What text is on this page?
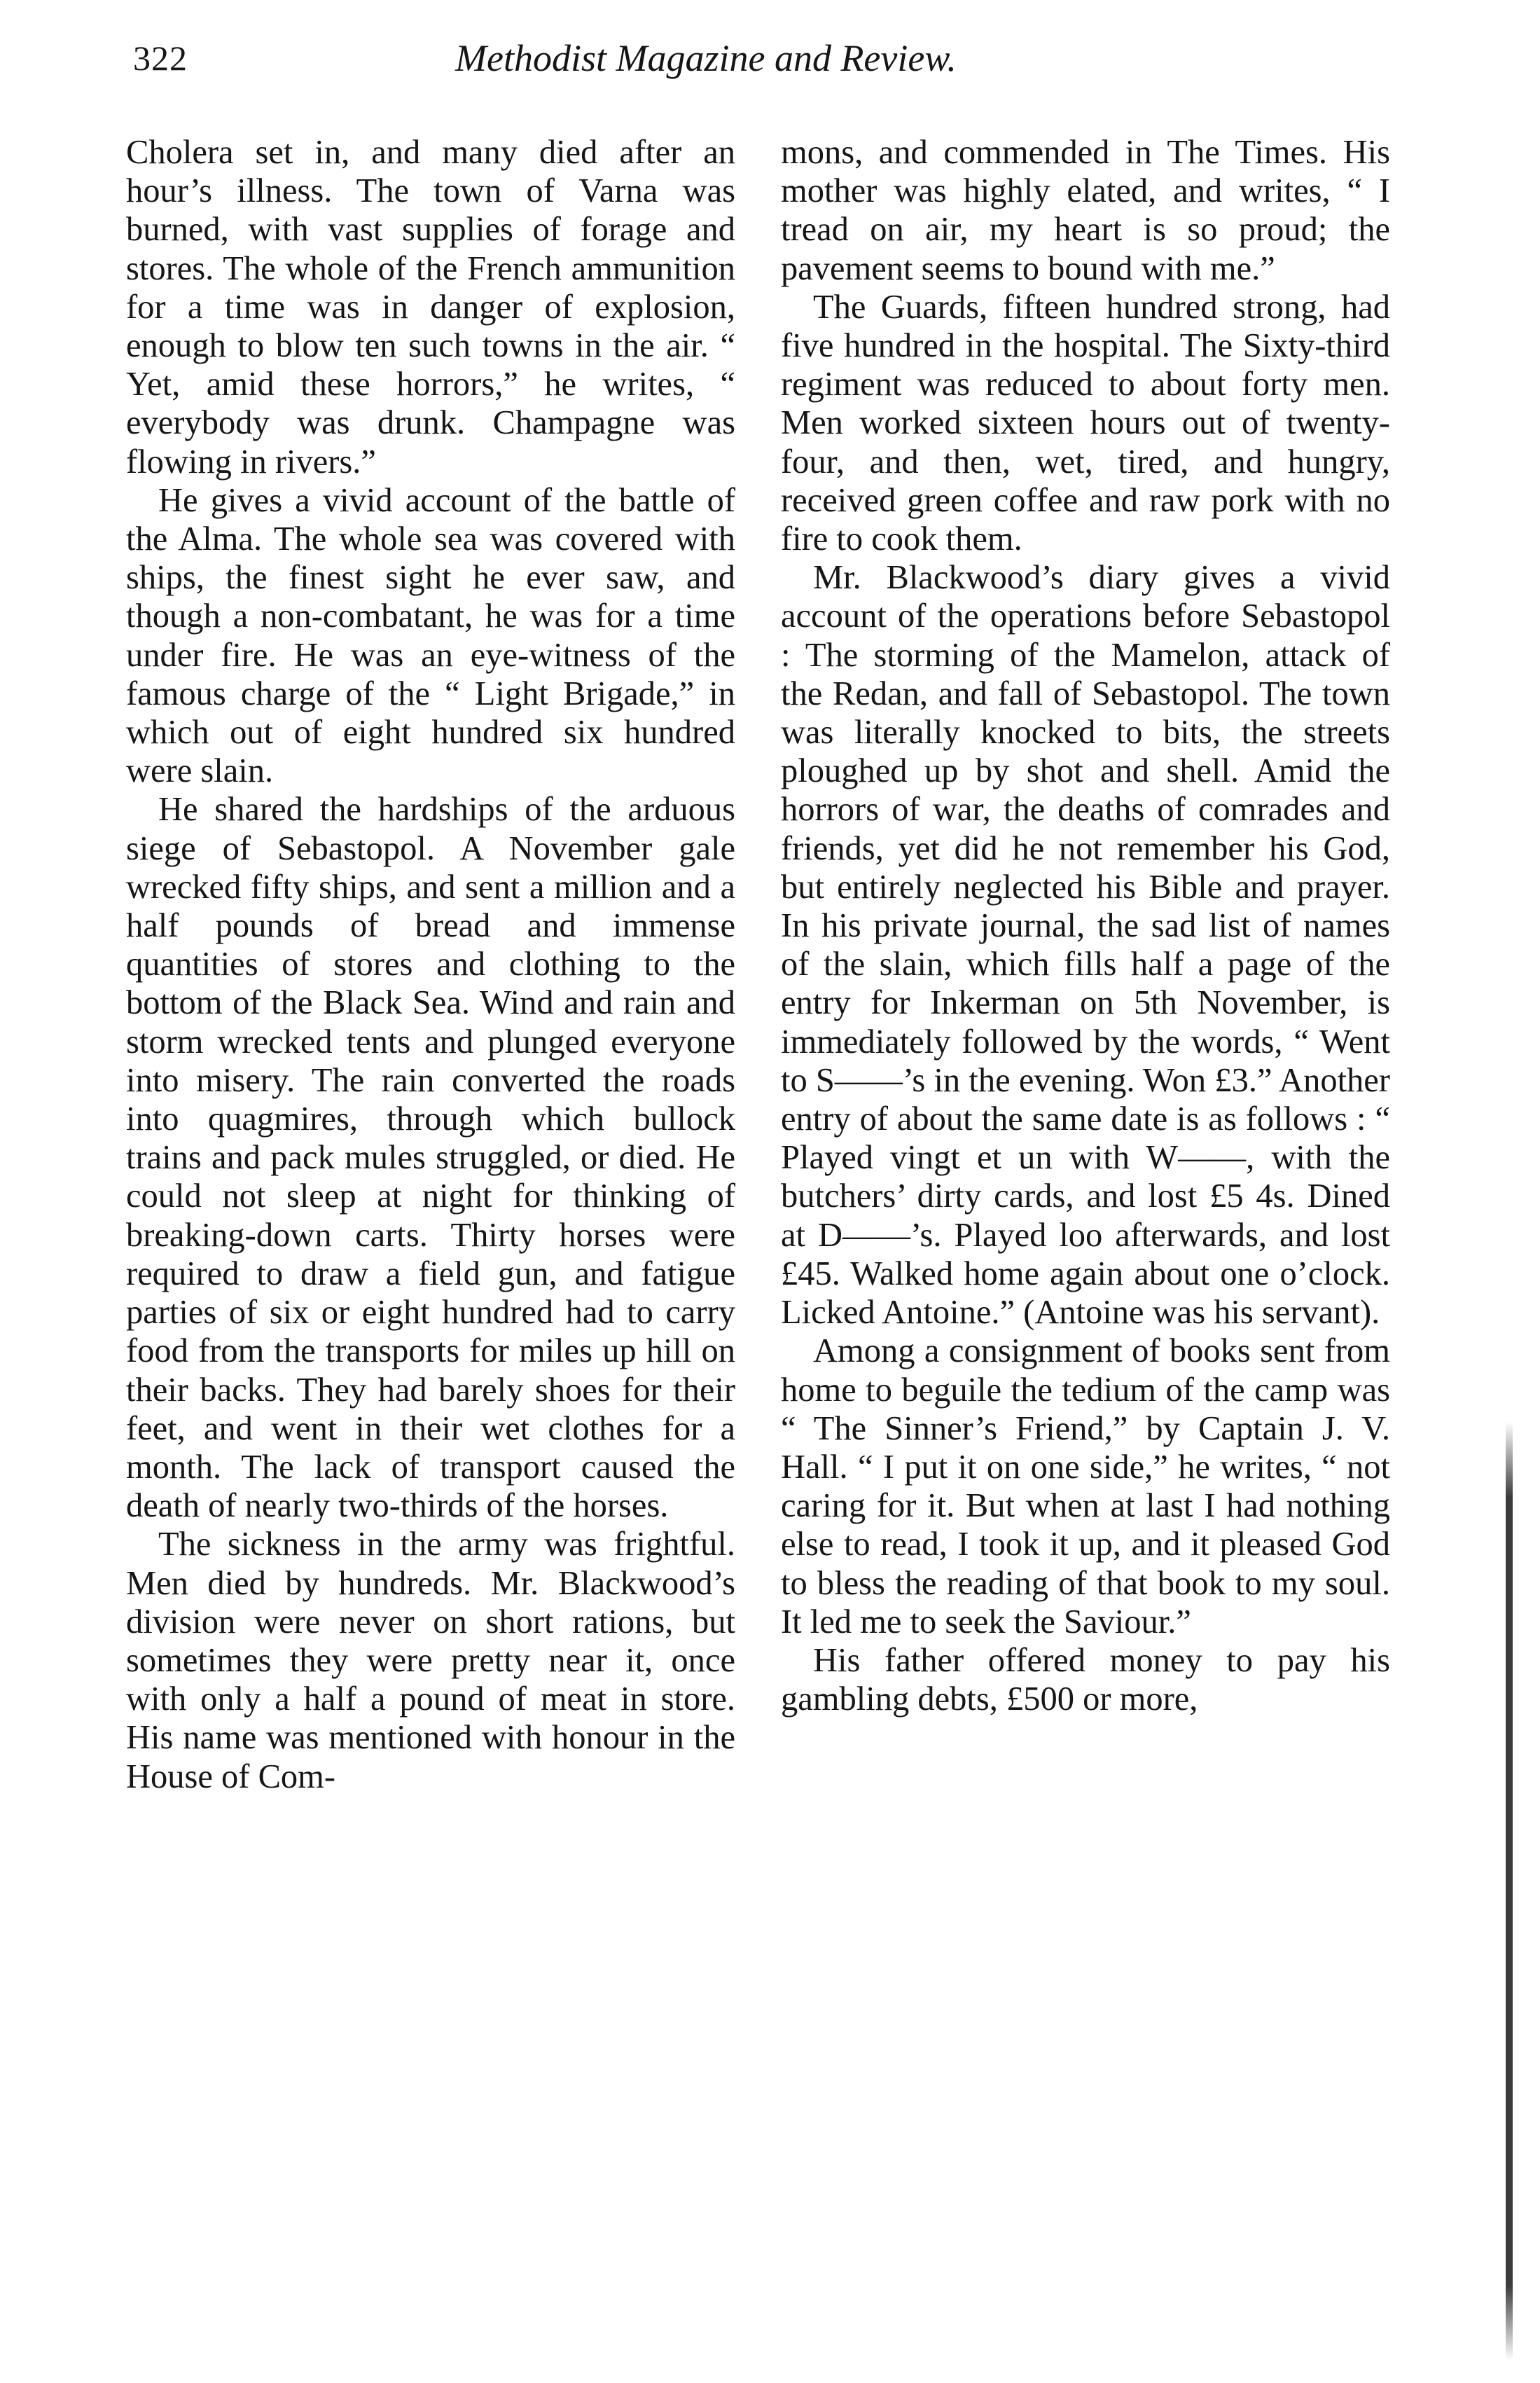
322	Methodist Magazine and Review.

Cholera set in, and many died after an hour’s illness. The town of Varna was burned, with vast supplies of forage and stores. The whole of the French ammunition for a time was in danger of explosion, enough to blow ten such towns in the air. “ Yet, amid these horrors,” he writes, “ everybody was drunk. Champagne was flowing in rivers.”

He gives a vivid account of the battle of the Alma. The whole sea was covered with ships, the finest sight he ever saw, and though a non-combatant, he was for a time under fire. He was an eye-witness of the famous charge of the “ Light Brigade,” in which out of eight hundred six hundred were slain.

He shared the hardships of the arduous siege of Sebastopol. A November gale wrecked fifty ships, and sent a million and a half pounds of bread and immense quantities of stores and clothing to the bottom of the Black Sea. Wind and rain and storm wrecked tents and plunged everyone into misery. The rain converted the roads into quagmires, through which bullock trains and pack mules struggled, or died. He could not sleep at night for thinking of breaking-down carts. Thirty horses were required to draw a field gun, and fatigue parties of six or eight hundred had to carry food from the transports for miles up hill on their backs. They had barely shoes for their feet, and went in their wet clothes for a month. The lack of transport caused the death of nearly two-thirds of the horses.

The sickness in the army was frightful. Men died by hundreds. Mr. Blackwood’s division were never on short rations, but sometimes they were pretty near it, once with only a half a pound of meat in store. His name was mentioned with honour in the House of Com-

mons, and commended in The Times. His mother was highly elated, and writes, “ I tread on air, my heart is so proud; the pavement seems to bound with me.”

The Guards, fifteen hundred strong, had five hundred in the hospital. The Sixty-third regiment was reduced to about forty men. Men worked sixteen hours out of twenty-four, and then, wet, tired, and hungry, received green coffee and raw pork with no fire to cook them.

Mr. Blackwood’s diary gives a vivid account of the operations before Sebastopol : The storming of the Mamelon, attack of the Redan, and fall of Sebastopol. The town was literally knocked to bits, the streets ploughed up by shot and shell. Amid the horrors of war, the deaths of comrades and friends, yet did he not remember his God, but entirely neglected his Bible and prayer. In his private journal, the sad list of names of the slain, which fills half a page of the entry for Inkerman on 5th November, is immediately followed by the words, “ Went to S——’s in the evening. Won £3.” Another entry of about the same date is as follows : “ Played vingt et un with W——, with the butchers’ dirty cards, and lost £5 4s. Dined at D——’s. Played loo afterwards, and lost £45. Walked home again about one o’clock. Licked Antoine.” (Antoine was his servant).

Among a consignment of books sent from home to beguile the tedium of the camp was “ The Sinner’s Friend,” by Captain J. V. Hall. “ I put it on one side,” he writes, “ not caring for it. But when at last I had nothing else to read, I took it up, and it pleased God to bless the reading of that book to my soul. It led me to seek the Saviour.”

His father offered money to pay his gambling debts, £500 or more,
